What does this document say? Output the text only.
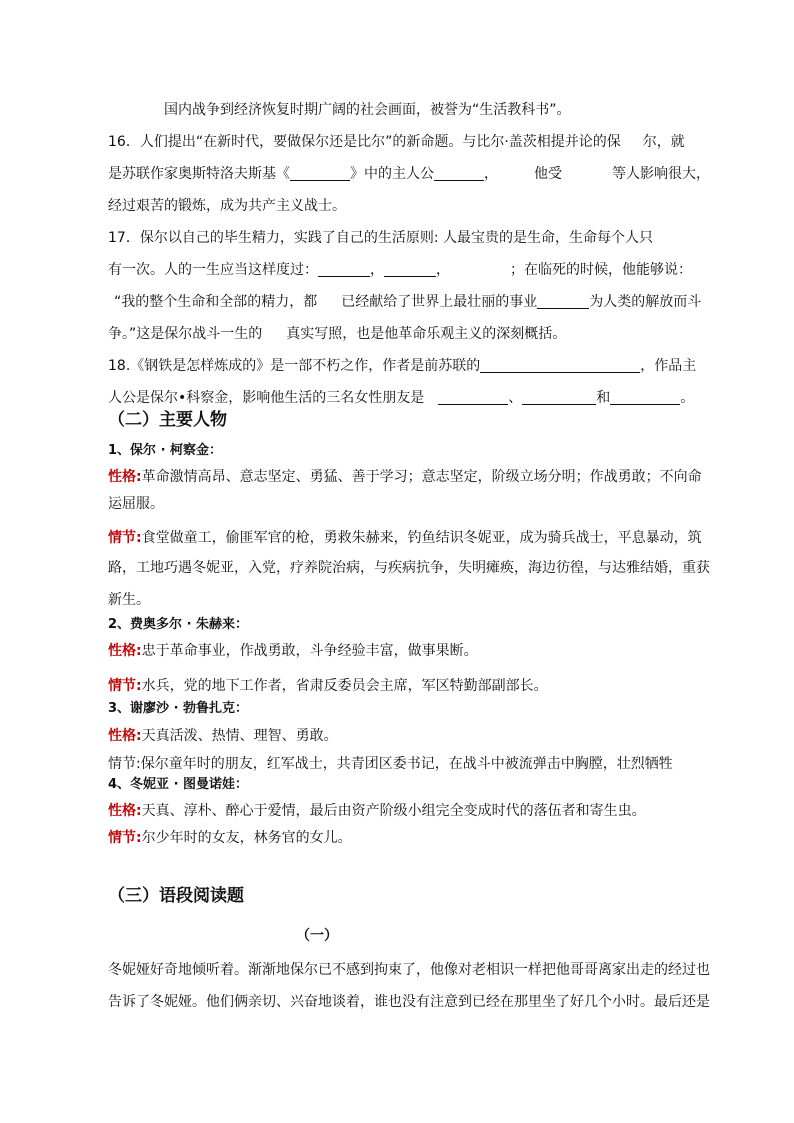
国内战争到经济恢复时期广阔的社会画面，被誉为“生活教科书”。
16．人们提出“在新时代，要做保尔还是比尔”的新命题。与比尔·盖茨相提并论的保 尔，就
是苏联作家奥斯特洛夫斯基《	》中的主人公	，	他受	等人影响很大，
经过艰苦的锻炼，成为共产主义战士。
17．保尔以自己的毕生精力，实践了自己的生活原则: 人最宝贵的是生命，生命每个人只
有一次。人的一生应当这样度过：	，	，	；在临死的时候，他能够说：
“我的整个生命和全部的精力，都 已经献给了世界上最壮丽的事业	为人类的解放而斗
争。”这是保尔战斗一生的 真实写照，也是他革命乐观主义的深刻概括。
18.《钢铁是怎样炼成的》是一部不朽之作，作者是前苏联的	，作品主
人公是保尔•科察金，影响他生活的三名女性朋友是	、	和	。
（二）主要人物
1、保尔 · 柯察金：
性格:革命激情高昂、意志坚定、勇猛、善于学习；意志坚定，阶级立场分明；作战勇敢；不向命
运屈服。
情节:食堂做童工，偷匪军官的枪，勇救朱赫来，钓鱼结识冬妮亚，成为骑兵战士，平息暴动，筑
路，工地巧遇冬妮亚，入党，疗养院治病，与疾病抗争，失明瘫痪，海边彷徨，与达雅结婚，重获
新生。
2、费奥多尔 · 朱赫来：
性格:忠于革命事业，作战勇敢，斗争经验丰富，做事果断。
情节:水兵，党的地下工作者，省肃反委员会主席，军区特勤部副部长。
3、谢廖沙 · 勃鲁扎克：
性格:天真活泼、热情、理智、勇敢。
情节:保尔童年时的朋友，红军战士，共青团区委书记，在战斗中被流弹击中胸膛，壮烈牺牲
4、冬妮亚 · 图曼诺娃：
性格:天真、淳朴、醉心于爱情，最后由资产阶级小组完全变成时代的落伍者和寄生虫。
情节:尔少年时的女友，林务官的女儿。
（三）语段阅读题
（一）
冬妮娅好奇地倾听着。渐渐地保尔已不感到拘束了，他像对老相识一样把他哥哥离家出走的经过也
告诉了冬妮娅。他们俩亲切、兴奋地谈着，谁也没有注意到已经在那里坐了好几个小时。最后还是
